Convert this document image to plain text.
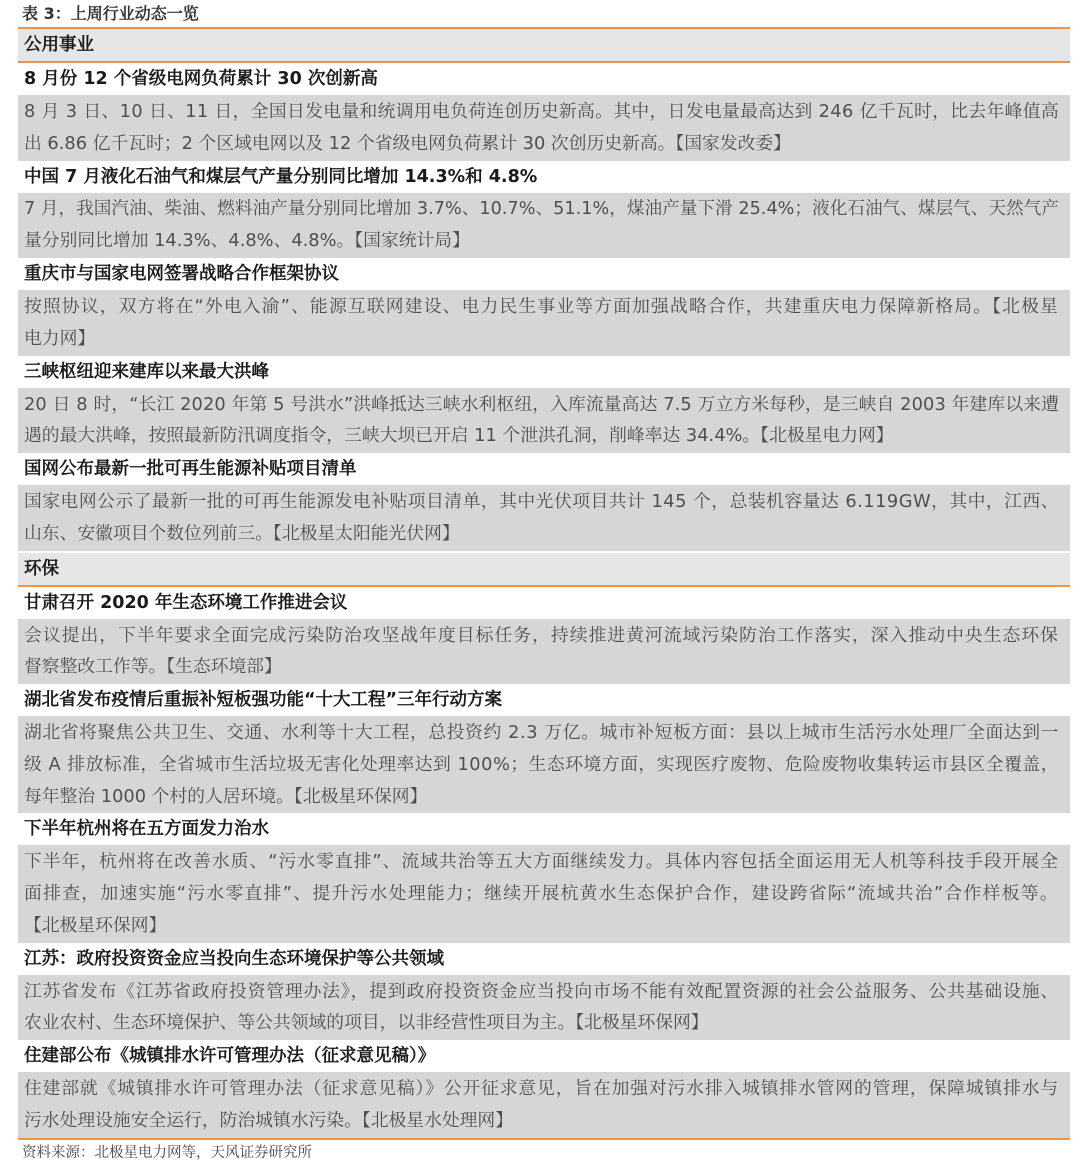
表 3：上周行业动态一览
公用事业
8 月份 12 个省级电网负荷累计 30 次创新高
8 月 3 日、10 日、11 日，全国日发电量和统调用电负荷连创历史新高。其中，日发电量最高达到 246 亿千瓦时，比去年峰值高
出 6.86 亿千瓦时；2 个区域电网以及 12 个省级电网负荷累计 30 次创历史新高。【国家发改委】
中国 7 月液化石油气和煤层气产量分别同比增加 14.3%和 4.8%
7 月，我国汽油、柴油、燃料油产量分别同比增加 3.7%、10.7%、51.1%，煤油产量下滑 25.4%；液化石油气、煤层气、天然气产
量分别同比增加 14.3%、4.8%、4.8%。【国家统计局】
重庆市与国家电网签署战略合作框架协议
按照协议，双方将在“外电入渝”、能源互联网建设、电力民生事业等方面加强战略合作，共建重庆电力保障新格局。【北极星
电力网】
三峡枢纽迎来建库以来最大洪峰
20 日 8 时，“长江 2020 年第 5 号洪水”洪峰抵达三峡水利枢纽，入库流量高达 7.5 万立方米每秒，是三峡自 2003 年建库以来遭
遇的最大洪峰，按照最新防汛调度指令，三峡大坝已开启 11 个泄洪孔洞，削峰率达 34.4%。【北极星电力网】
国网公布最新一批可再生能源补贴项目清单
国家电网公示了最新一批的可再生能源发电补贴项目清单，其中光伏项目共计 145 个，总装机容量达 6.119GW，其中，江西、
山东、安徽项目个数位列前三。【北极星太阳能光伏网】
环保
甘肃召开 2020 年生态环境工作推进会议
会议提出，下半年要求全面完成污染防治攻坚战年度目标任务，持续推进黄河流域污染防治工作落实，深入推动中央生态环保
督察整改工作等。【生态环境部】
湖北省发布疫情后重振补短板强功能“十大工程”三年行动方案
湖北省将聚焦公共卫生、交通、水利等十大工程，总投资约 2.3 万亿。城市补短板方面：县以上城市生活污水处理厂全面达到一
级 A 排放标准，全省城市生活垃圾无害化处理率达到 100%；生态环境方面，实现医疗废物、危险废物收集转运市县区全覆盖，
每年整治 1000 个村的人居环境。【北极星环保网】
下半年杭州将在五方面发力治水
下半年，杭州将在改善水质、“污水零直排”、流域共治等五大方面继续发力。具体内容包括全面运用无人机等科技手段开展全
面排查，加速实施“污水零直排”、提升污水处理能力；继续开展杭黄水生态保护合作，建设跨省际“流域共治”合作样板等。
【北极星环保网】
江苏：政府投资资金应当投向生态环境保护等公共领域
江苏省发布《江苏省政府投资管理办法》，提到政府投资资金应当投向市场不能有效配置资源的社会公益服务、公共基础设施、
农业农村、生态环境保护、等公共领域的项目，以非经营性项目为主。【北极星环保网】
住建部公布《城镇排水许可管理办法（征求意见稿）》
住建部就《城镇排水许可管理办法（征求意见稿）》公开征求意见，旨在加强对污水排入城镇排水管网的管理，保障城镇排水与
污水处理设施安全运行，防治城镇水污染。【北极星水处理网】
资料来源：北极星电力网等，天风证券研究所
